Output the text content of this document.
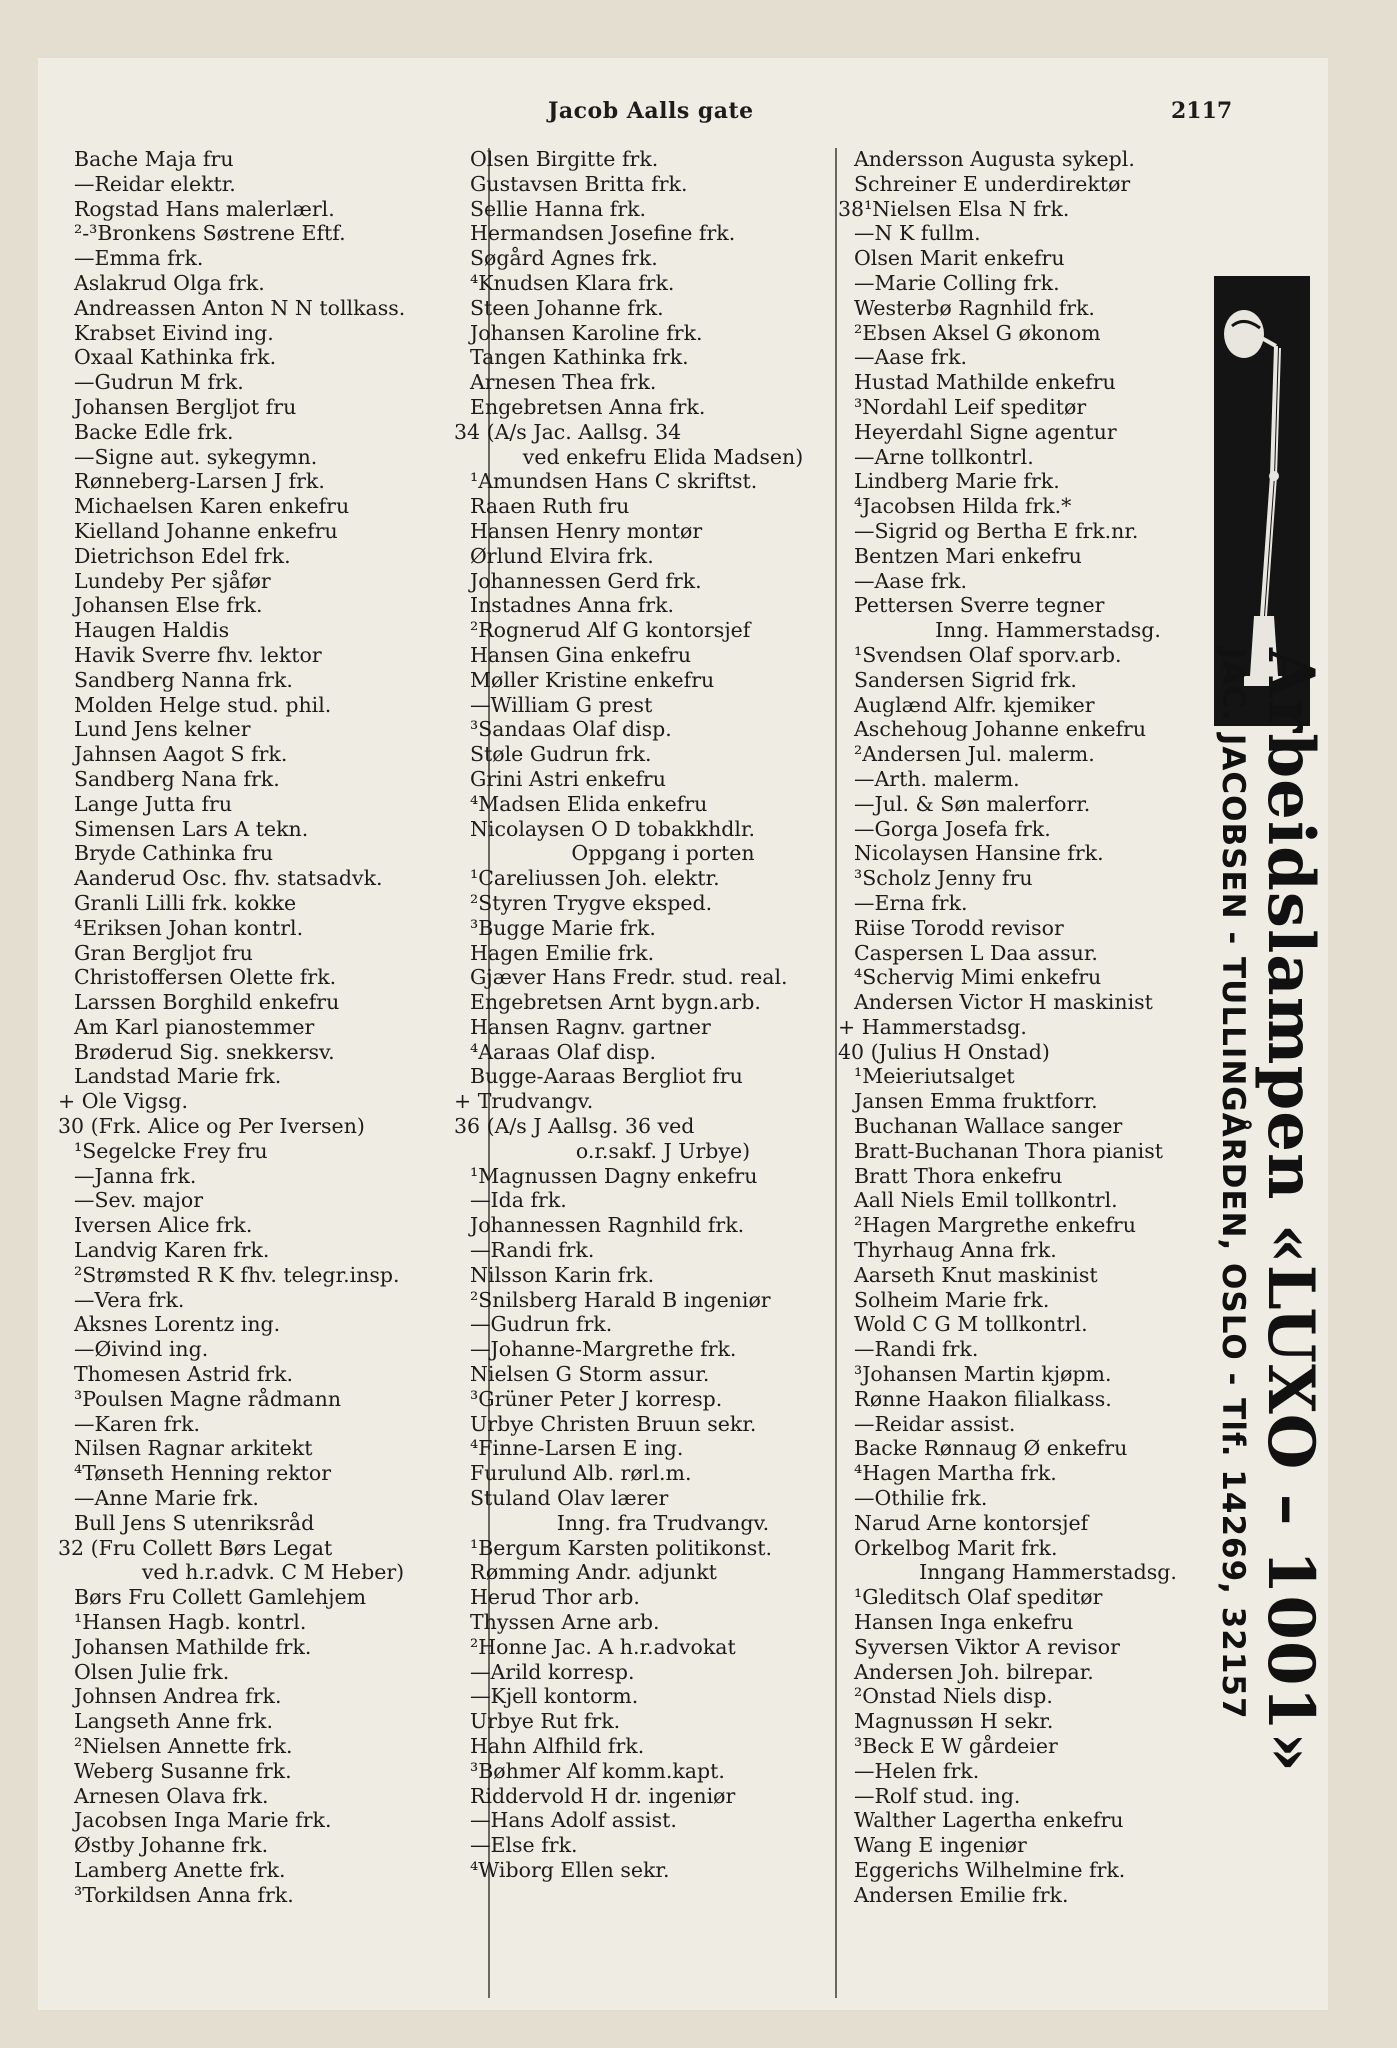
Jacob Aalls gate	2117
Bache Maja fru
—Reidar elektr.
Rogstad Hans malerlærl.
²-³Bronkens Søstrene Eftf.
—Emma frk.
Aslakrud Olga frk.
Andreassen Anton N N tollkass.
Krabset Eivind ing.
Oxaal Kathinka frk.
—Gudrun M frk.
Johansen Bergljot fru
Backe Edle frk.
—Signe aut. sykegymn.
Rønneberg-Larsen J frk.
Michaelsen Karen enkefru
Kielland Johanne enkefru
Dietrichson Edel frk.
Lundeby Per sjåfør
Johansen Else frk.
Haugen Haldis
Havik Sverre fhv. lektor
Sandberg Nanna frk.
Molden Helge stud. phil.
Lund Jens kelner
Jahnsen Aagot S frk.
Sandberg Nana frk.
Lange Jutta fru
Simensen Lars A tekn.
Bryde Cathinka fru
Aanderud Osc. fhv. statsadvk.
Granli Lilli frk. kokke
⁴Eriksen Johan kontrl.
Gran Bergljot fru
Christoffersen Olette frk.
Larssen Borghild enkefru
Am Karl pianostemmer
Brøderud Sig. snekkersv.
Landstad Marie frk.
+ Ole Vigsg.
30 (Frk. Alice og Per Iversen)
¹Segelcke Frey fru
—Janna frk.
—Sev. major
Iversen Alice frk.
Landvig Karen frk.
²Strømsted R K fhv. telegr.insp.
—Vera frk.
Aksnes Lorentz ing.
—Øivind ing.
Thomesen Astrid frk.
³Poulsen Magne rådmann
—Karen frk.
Nilsen Ragnar arkitekt
⁴Tønseth Henning rektor
—Anne Marie frk.
Bull Jens S utenriksråd
32 (Fru Collett Børs Legat
ved h.r.advk. C M Heber)
Børs Fru Collett Gamlehjem
¹Hansen Hagb. kontrl.
Johansen Mathilde frk.
Olsen Julie frk.
Johnsen Andrea frk.
Langseth Anne frk.
²Nielsen Annette frk.
Weberg Susanne frk.
Arnesen Olava frk.
Jacobsen Inga Marie frk.
Østby Johanne frk.
Lamberg Anette frk.
³Torkildsen Anna frk.
Olsen Birgitte frk.
Gustavsen Britta frk.
Sellie Hanna frk.
Hermandsen Josefine frk.
Søgård Agnes frk.
⁴Knudsen Klara frk.
Steen Johanne frk.
Johansen Karoline frk.
Tangen Kathinka frk.
Arnesen Thea frk.
Engebretsen Anna frk.
34 (A/s Jac. Aallsg. 34
ved enkefru Elida Madsen)
¹Amundsen Hans C skriftst.
Raaen Ruth fru
Hansen Henry montør
Ørlund Elvira frk.
Johannessen Gerd frk.
Instadnes Anna frk.
²Rognerud Alf G kontorsjef
Hansen Gina enkefru
Møller Kristine enkefru
—William G prest
³Sandaas Olaf disp.
Støle Gudrun frk.
Grini Astri enkefru
⁴Madsen Elida enkefru
Nicolaysen O D tobakkhdlr.
Oppgang i porten
¹Careliussen Joh. elektr.
²Styren Trygve eksped.
³Bugge Marie frk.
Hagen Emilie frk.
Gjæver Hans Fredr. stud. real.
Engebretsen Arnt bygn.arb.
Hansen Ragnv. gartner
⁴Aaraas Olaf disp.
Bugge-Aaraas Bergliot fru
+ Trudvangv.
36 (A/s J Aallsg. 36 ved
o.r.sakf. J Urbye)
¹Magnussen Dagny enkefru
—Ida frk.
Johannessen Ragnhild frk.
—Randi frk.
Nilsson Karin frk.
²Snilsberg Harald B ingeniør
—Gudrun frk.
—Johanne-Margrethe frk.
Nielsen G Storm assur.
³Grüner Peter J korresp.
Urbye Christen Bruun sekr.
⁴Finne-Larsen E ing.
Furulund Alb. rørl.m.
Stuland Olav lærer
Inng. fra Trudvangv.
¹Bergum Karsten politikonst.
Rømming Andr. adjunkt
Herud Thor arb.
Thyssen Arne arb.
²Honne Jac. A h.r.advokat
—Arild korresp.
—Kjell kontorm.
Urbye Rut frk.
Hahn Alfhild frk.
³Bøhmer Alf komm.kapt.
Riddervold H dr. ingeniør
—Hans Adolf assist.
—Else frk.
⁴Wiborg Ellen sekr.
Andersson Augusta sykepl.
Schreiner E underdirektør
38¹Nielsen Elsa N frk.
—N K fullm.
Olsen Marit enkefru
—Marie Colling frk.
Westerbø Ragnhild frk.
²Ebsen Aksel G økonom
—Aase frk.
Hustad Mathilde enkefru
³Nordahl Leif speditør
Heyerdahl Signe agentur
—Arne tollkontrl.
Lindberg Marie frk.
⁴Jacobsen Hilda frk.*
—Sigrid og Bertha E frk.nr.
Bentzen Mari enkefru
—Aase frk.
Pettersen Sverre tegner
Inng. Hammerstadsg.
¹Svendsen Olaf sporv.arb.
Sandersen Sigrid frk.
Auglænd Alfr. kjemiker
Aschehoug Johanne enkefru
²Andersen Jul. malerm.
—Arth. malerm.
—Jul. & Søn malerforr.
—Gorga Josefa frk.
Nicolaysen Hansine frk.
³Scholz Jenny fru
—Erna frk.
Riise Torodd revisor
Caspersen L Daa assur.
⁴Schervig Mimi enkefru
Andersen Victor H maskinist
+ Hammerstadsg.
40 (Julius H Onstad)
¹Meieriutsalget
Jansen Emma fruktforr.
Buchanan Wallace sanger
Bratt-Buchanan Thora pianist
Bratt Thora enkefru
Aall Niels Emil tollkontrl.
²Hagen Margrethe enkefru
Thyrhaug Anna frk.
Aarseth Knut maskinist
Solheim Marie frk.
Wold C G M tollkontrl.
—Randi frk.
³Johansen Martin kjøpm.
Rønne Haakon filialkass.
—Reidar assist.
Backe Rønnaug Ø enkefru
⁴Hagen Martha frk.
—Othilie frk.
Narud Arne kontorsjef
Orkelbog Marit frk.
Inngang Hammerstadsg.
¹Gleditsch Olaf speditør
Hansen Inga enkefru
Syversen Viktor A revisor
Andersen Joh. bilrepar.
²Onstad Niels disp.
Magnussøn H sekr.
³Beck E W gårdeier
—Helen frk.
—Rolf stud. ing.
Walther Lagertha enkefru
Wang E ingeniør
Eggerichs Wilhelmine frk.
Andersen Emilie frk.
Arbeidslampen «LUXO – 1001»
JAC. JACOBSEN - TULLINGÅRDEN, OSLO - Tlf. 14269, 32157
